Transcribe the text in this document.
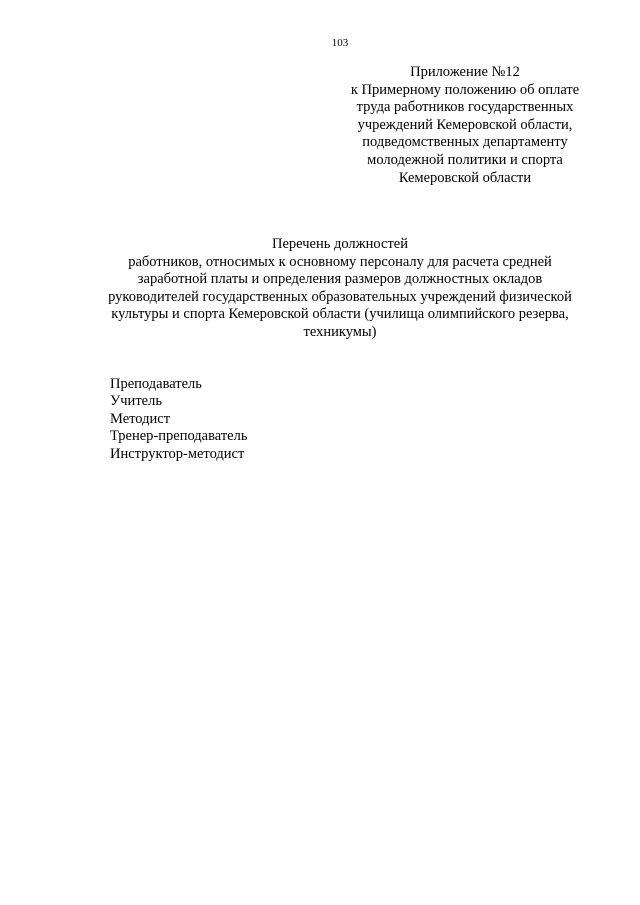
103
Приложение №12
к Примерному положению об оплате
труда работников государственных
учреждений Кемеровской области,
подведомственных департаменту
молодежной политики и спорта
Кемеровской области
Перечень должностей
работников, относимых к основному персоналу для расчета средней
заработной платы и определения размеров должностных окладов
руководителей государственных образовательных учреждений физической
культуры и спорта Кемеровской области (училища олимпийского резерва,
техникумы)
Преподаватель
Учитель
Методист
Тренер-преподаватель
Инструктор-методист
